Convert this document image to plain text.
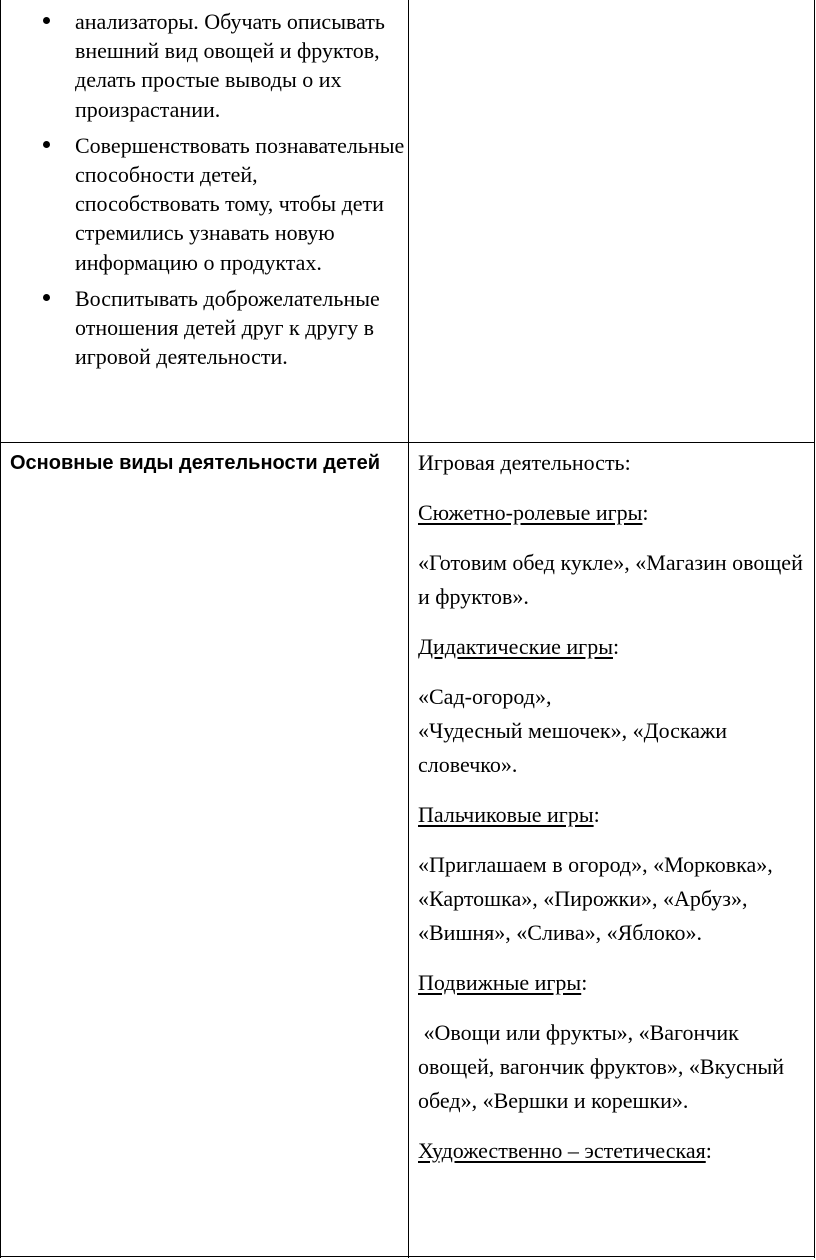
анализаторы. Обучать описывать внешний вид овощей и фруктов, делать простые выводы о их произрастании.
Совершенствовать познавательные способности детей, способствовать тому, чтобы дети стремились узнавать новую информацию о продуктах.
Воспитывать доброжелательные отношения детей друг к другу в игровой деятельности.

Основные виды деятельности детей	Игровая деятельность:

Сюжетно-ролевые игры:

«Готовим обед кукле», «Магазин овощей и фруктов».

Дидактические игры:

«Сад-огород»,

«Чудесный мешочек», «Доскажи словечко».

Пальчиковые игры:

«Приглашаем в огород», «Морковка», «Картошка», «Пирожки», «Арбуз», «Вишня», «Слива», «Яблоко».

Подвижные игры:

«Овощи или фрукты», «Вагончик овощей, вагончик фруктов», «Вкусный обед», «Вершки и корешки».

Художественно – эстетическая:
